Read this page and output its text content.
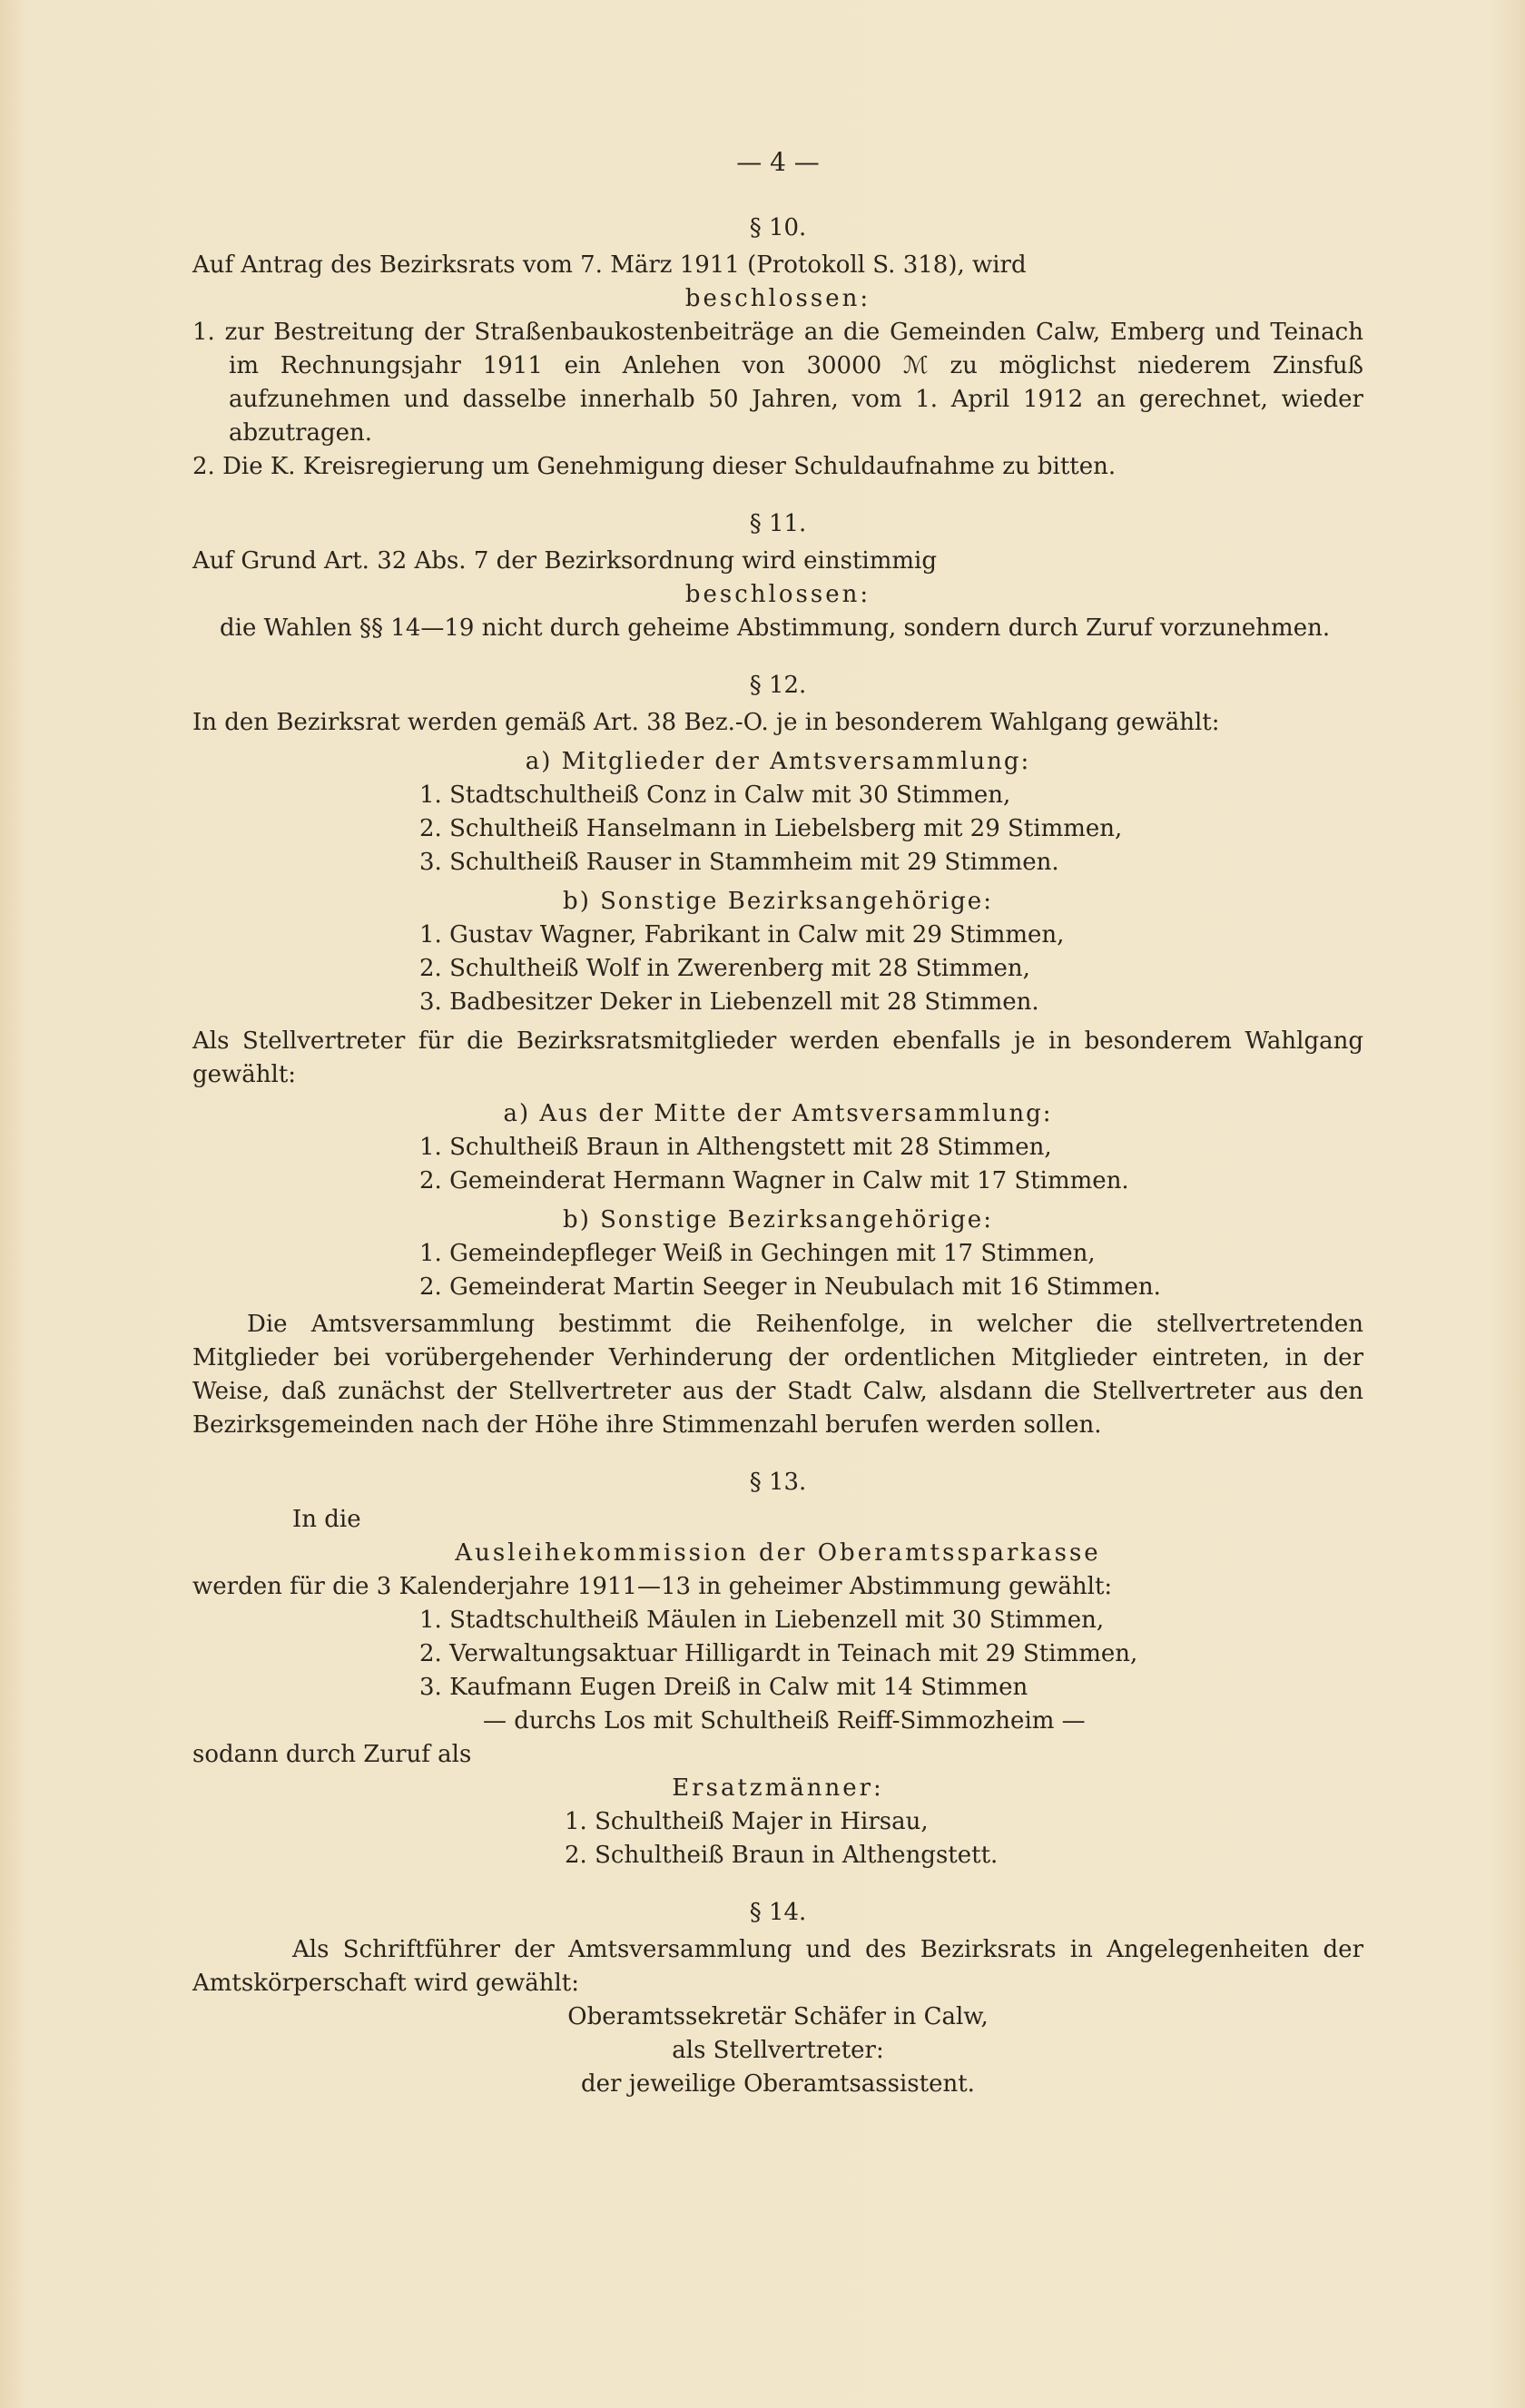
— 4 —
§ 10.

Auf Antrag des Bezirksrats vom 7. März 1911 (Protokoll S. 318), wird

beschlossen:

1. zur Bestreitung der Straßenbaukostenbeiträge an die Gemeinden Calw, Emberg und Teinach im Rechnungsjahr 1911 ein Anlehen von 30000 ℳ zu möglichst niederem Zinsfuß aufzunehmen und dasselbe innerhalb 50 Jahren, vom 1. April 1912 an gerechnet, wieder abzutragen.

2. Die K. Kreisregierung um Genehmigung dieser Schuldaufnahme zu bitten.

§ 11.

Auf Grund Art. 32 Abs. 7 der Bezirksordnung wird einstimmig

beschlossen:

die Wahlen §§ 14—19 nicht durch geheime Abstimmung, sondern durch Zuruf vorzunehmen.

§ 12.

In den Bezirksrat werden gemäß Art. 38 Bez.-O. je in besonderem Wahlgang gewählt:

a) Mitglieder der Amtsversammlung:

1. Stadtschultheiß Conz in Calw mit 30 Stimmen,

2. Schultheiß Hanselmann in Liebelsberg mit 29 Stimmen,

3. Schultheiß Rauser in Stammheim mit 29 Stimmen.

b) Sonstige Bezirksangehörige:

1. Gustav Wagner, Fabrikant in Calw mit 29 Stimmen,

2. Schultheiß Wolf in Zwerenberg mit 28 Stimmen,

3. Badbesitzer Deker in Liebenzell mit 28 Stimmen.

Als Stellvertreter für die Bezirksratsmitglieder werden ebenfalls je in besonderem Wahlgang gewählt:

a) Aus der Mitte der Amtsversammlung:

1. Schultheiß Braun in Althengstett mit 28 Stimmen,

2. Gemeinderat Hermann Wagner in Calw mit 17 Stimmen.

b) Sonstige Bezirksangehörige:

1. Gemeindepfleger Weiß in Gechingen mit 17 Stimmen,

2. Gemeinderat Martin Seeger in Neubulach mit 16 Stimmen.

Die Amtsversammlung bestimmt die Reihenfolge, in welcher die stellvertretenden Mitglieder bei vorübergehender Verhinderung der ordentlichen Mitglieder eintreten, in der Weise, daß zunächst der Stellvertreter aus der Stadt Calw, alsdann die Stellvertreter aus den Bezirksgemeinden nach der Höhe ihre Stimmenzahl berufen werden sollen.

§ 13.

In die

Ausleihekommission der Oberamtssparkasse

werden für die 3 Kalenderjahre 1911—13 in geheimer Abstimmung gewählt:

1. Stadtschultheiß Mäulen in Liebenzell mit 30 Stimmen,

2. Verwaltungsaktuar Hilligardt in Teinach mit 29 Stimmen,

3. Kaufmann Eugen Dreiß in Calw mit 14 Stimmen

— durchs Los mit Schultheiß Reiff-Simmozheim —

sodann durch Zuruf als

Ersatzmänner:

1. Schultheiß Majer in Hirsau,

2. Schultheiß Braun in Althengstett.

§ 14.

Als Schriftführer der Amtsversammlung und des Bezirksrats in Angelegenheiten der Amtskörperschaft wird gewählt:

Oberamtssekretär Schäfer in Calw,

als Stellvertreter:

der jeweilige Oberamtsassistent.
